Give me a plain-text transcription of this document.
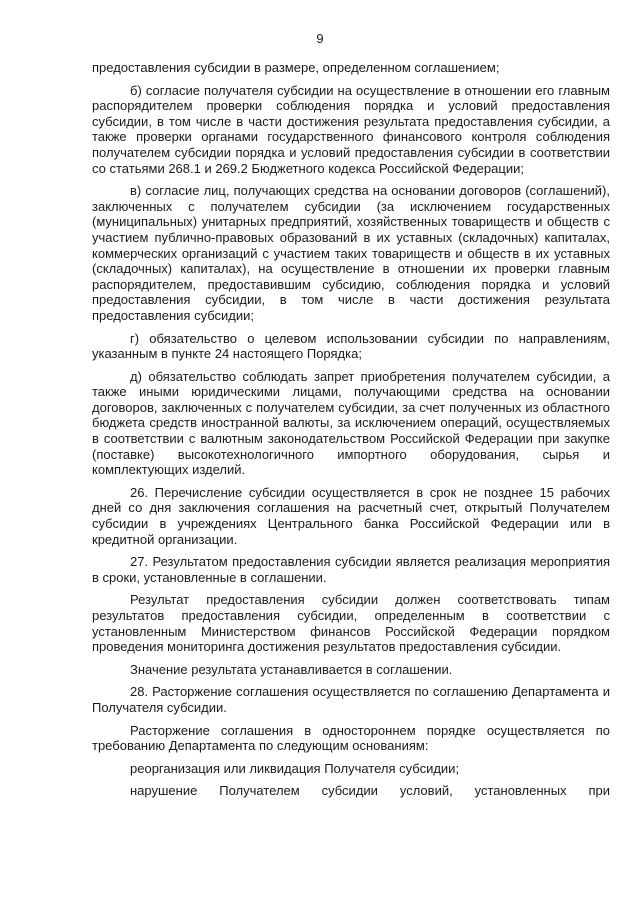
9

предоставления субсидии в размере, определенном соглашением;

б) согласие получателя субсидии на осуществление в отношении его главным распорядителем проверки соблюдения порядка и условий предоставления субсидии, в том числе в части достижения результата предоставления субсидии, а также проверки органами государственного финансового контроля соблюдения получателем субсидии порядка и условий предоставления субсидии в соответствии со статьями 268.1 и 269.2 Бюджетного кодекса Российской Федерации;

в) согласие лиц, получающих средства на основании договоров (соглашений), заключенных с получателем субсидии (за исключением государственных (муниципальных) унитарных предприятий, хозяйственных товариществ и обществ с участием публично-правовых образований в их уставных (складочных) капиталах, коммерческих организаций с участием таких товариществ и обществ в их уставных (складочных) капиталах), на осуществление в отношении их проверки главным распорядителем, предоставившим субсидию, соблюдения порядка и условий предоставления субсидии, в том числе в части достижения результата предоставления субсидии;

г) обязательство о целевом использовании субсидии по направлениям, указанным в пункте 24 настоящего Порядка;

д) обязательство соблюдать запрет приобретения получателем субсидии, а также иными юридическими лицами, получающими средства на основании договоров, заключенных с получателем субсидии, за счет полученных из областного бюджета средств иностранной валюты, за исключением операций, осуществляемых в соответствии с валютным законодательством Российской Федерации при закупке (поставке) высокотехнологичного импортного оборудования, сырья и комплектующих изделий.

26. Перечисление субсидии осуществляется в срок не позднее 15 рабочих дней со дня заключения соглашения на расчетный счет, открытый Получателем субсидии в учреждениях Центрального банка Российской Федерации или в кредитной организации.

27. Результатом предоставления субсидии является реализация мероприятия в сроки, установленные в соглашении.

Результат предоставления субсидии должен соответствовать типам результатов предоставления субсидии, определенным в соответствии с установленным Министерством финансов Российской Федерации порядком проведения мониторинга достижения результатов предоставления субсидии.

Значение результата устанавливается в соглашении.

28. Расторжение соглашения осуществляется по соглашению Департамента и Получателя субсидии.

Расторжение соглашения в одностороннем порядке осуществляется по требованию Департамента по следующим основаниям:

реорганизация или ликвидация Получателя субсидии;

нарушение Получателем субсидии условий, установленных при
